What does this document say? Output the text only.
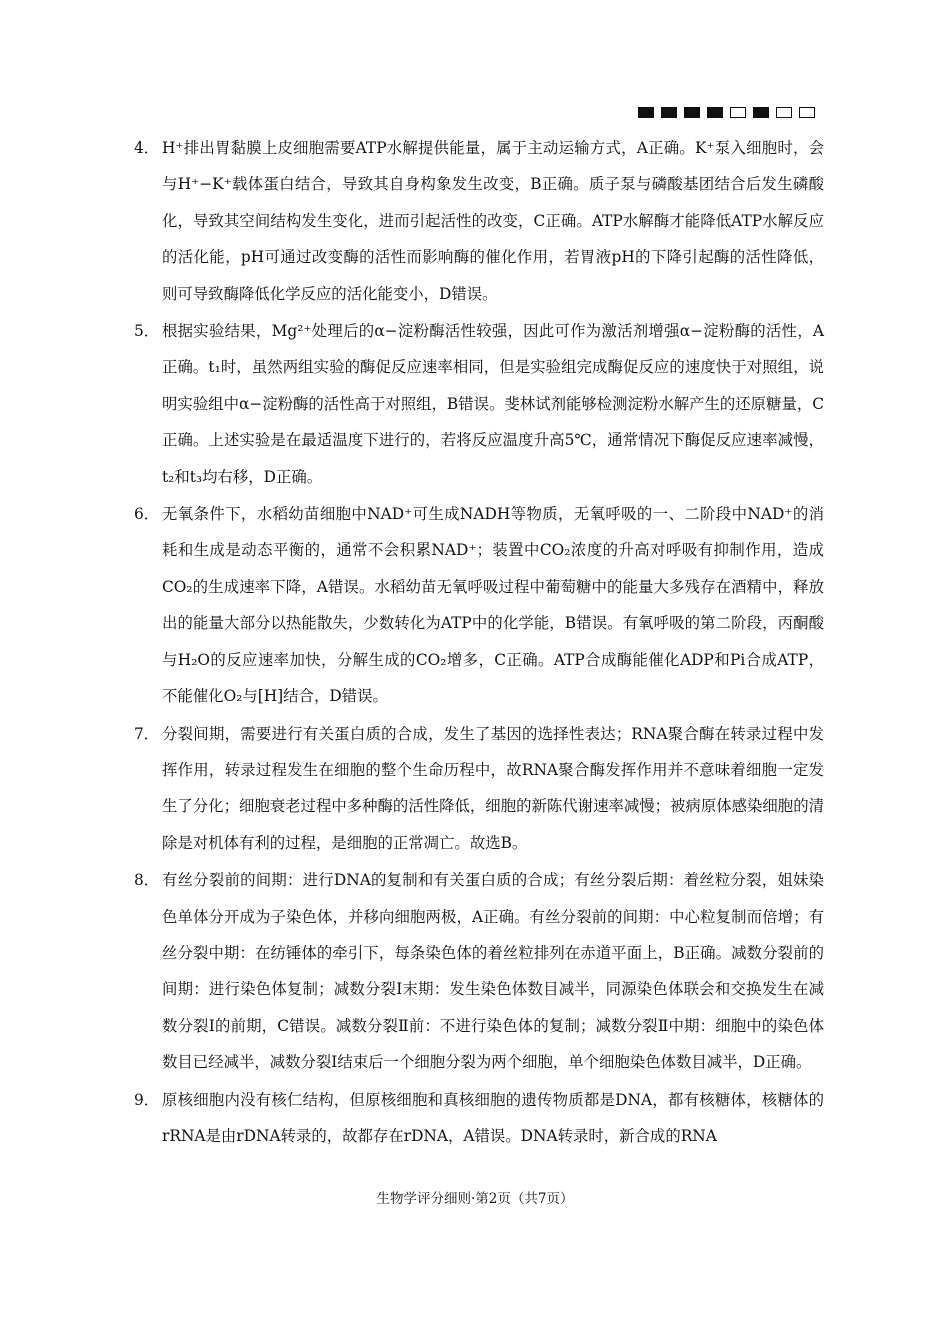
4． H⁺排出胃黏膜上皮细胞需要ATP水解提供能量，属于主动运输方式，A正确。K⁺泵入细胞时，会与H⁺−K⁺载体蛋白结合，导致其自身构象发生改变，B正确。质子泵与磷酸基团结合后发生磷酸化，导致其空间结构发生变化，进而引起活性的改变，C正确。ATP水解酶才能降低ATP水解反应的活化能，pH可通过改变酶的活性而影响酶的催化作用，若胃液pH的下降引起酶的活性降低，则可导致酶降低化学反应的活化能变小，D错误。

5． 根据实验结果，Mg²⁺处理后的α−淀粉酶活性较强，因此可作为激活剂增强α−淀粉酶的活性，A正确。t₁时，虽然两组实验的酶促反应速率相同，但是实验组完成酶促反应的速度快于对照组，说明实验组中α−淀粉酶的活性高于对照组，B错误。斐林试剂能够检测淀粉水解产生的还原糖量，C正确。上述实验是在最适温度下进行的，若将反应温度升高5℃，通常情况下酶促反应速率减慢，t₂和t₃均右移，D正确。

6． 无氧条件下，水稻幼苗细胞中NAD⁺可生成NADH等物质，无氧呼吸的一、二阶段中NAD⁺的消耗和生成是动态平衡的，通常不会积累NAD⁺；装置中CO₂浓度的升高对呼吸有抑制作用，造成CO₂的生成速率下降，A错误。水稻幼苗无氧呼吸过程中葡萄糖中的能量大多残存在酒精中，释放出的能量大部分以热能散失，少数转化为ATP中的化学能，B错误。有氧呼吸的第二阶段，丙酮酸与H₂O的反应速率加快，分解生成的CO₂增多，C正确。ATP合成酶能催化ADP和Pi合成ATP，不能催化O₂与[H]结合，D错误。

7． 分裂间期，需要进行有关蛋白质的合成，发生了基因的选择性表达；RNA聚合酶在转录过程中发挥作用，转录过程发生在细胞的整个生命历程中，故RNA聚合酶发挥作用并不意味着细胞一定发生了分化；细胞衰老过程中多种酶的活性降低，细胞的新陈代谢速率减慢；被病原体感染细胞的清除是对机体有利的过程，是细胞的正常凋亡。故选B。

8． 有丝分裂前的间期：进行DNA的复制和有关蛋白质的合成；有丝分裂后期：着丝粒分裂，姐妹染色单体分开成为子染色体，并移向细胞两极，A正确。有丝分裂前的间期：中心粒复制而倍增；有丝分裂中期：在纺锤体的牵引下，每条染色体的着丝粒排列在赤道平面上，B正确。减数分裂前的间期：进行染色体复制；减数分裂Ⅰ末期：发生染色体数目减半，同源染色体联会和交换发生在减数分裂Ⅰ的前期，C错误。减数分裂Ⅱ前：不进行染色体的复制；减数分裂Ⅱ中期：细胞中的染色体数目已经减半，减数分裂Ⅰ结束后一个细胞分裂为两个细胞，单个细胞染色体数目减半，D正确。

9． 原核细胞内没有核仁结构，但原核细胞和真核细胞的遗传物质都是DNA，都有核糖体，核糖体的rRNA是由rDNA转录的，故都存在rDNA，A错误。DNA转录时，新合成的RNA

生物学评分细则·第2页（共7页）
